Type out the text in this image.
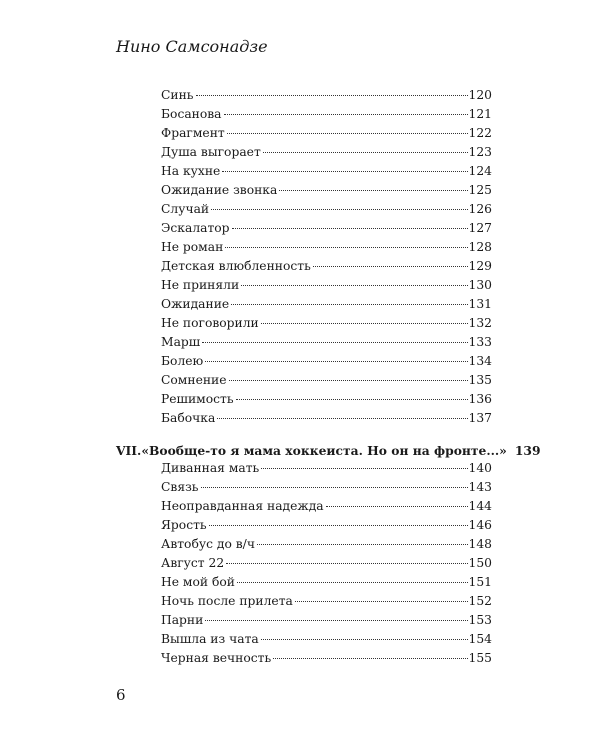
Нино Самсонадзе
Синь	120
Босанова	121
Фрагмент	122
Душа выгорает	123
На кухне	124
Ожидание звонка	125
Случай	126
Эскалатор	127
Не роман	128
Детская влюбленность	129
Не приняли	130
Ожидание	131
Не поговорили	132
Марш	133
Болею	134
Сомнение	135
Решимость	136
Бабочка	137
VII. «Вообще-то я мама хоккеиста. Но он на фронте...» 139
Диванная мать	140
Связь	143
Неоправданная надежда	144
Ярость	146
Автобус до в/ч	148
Август 22	150
Не мой бой	151
Ночь после прилета	152
Парни	153
Вышла из чата	154
Черная вечность	155
6
